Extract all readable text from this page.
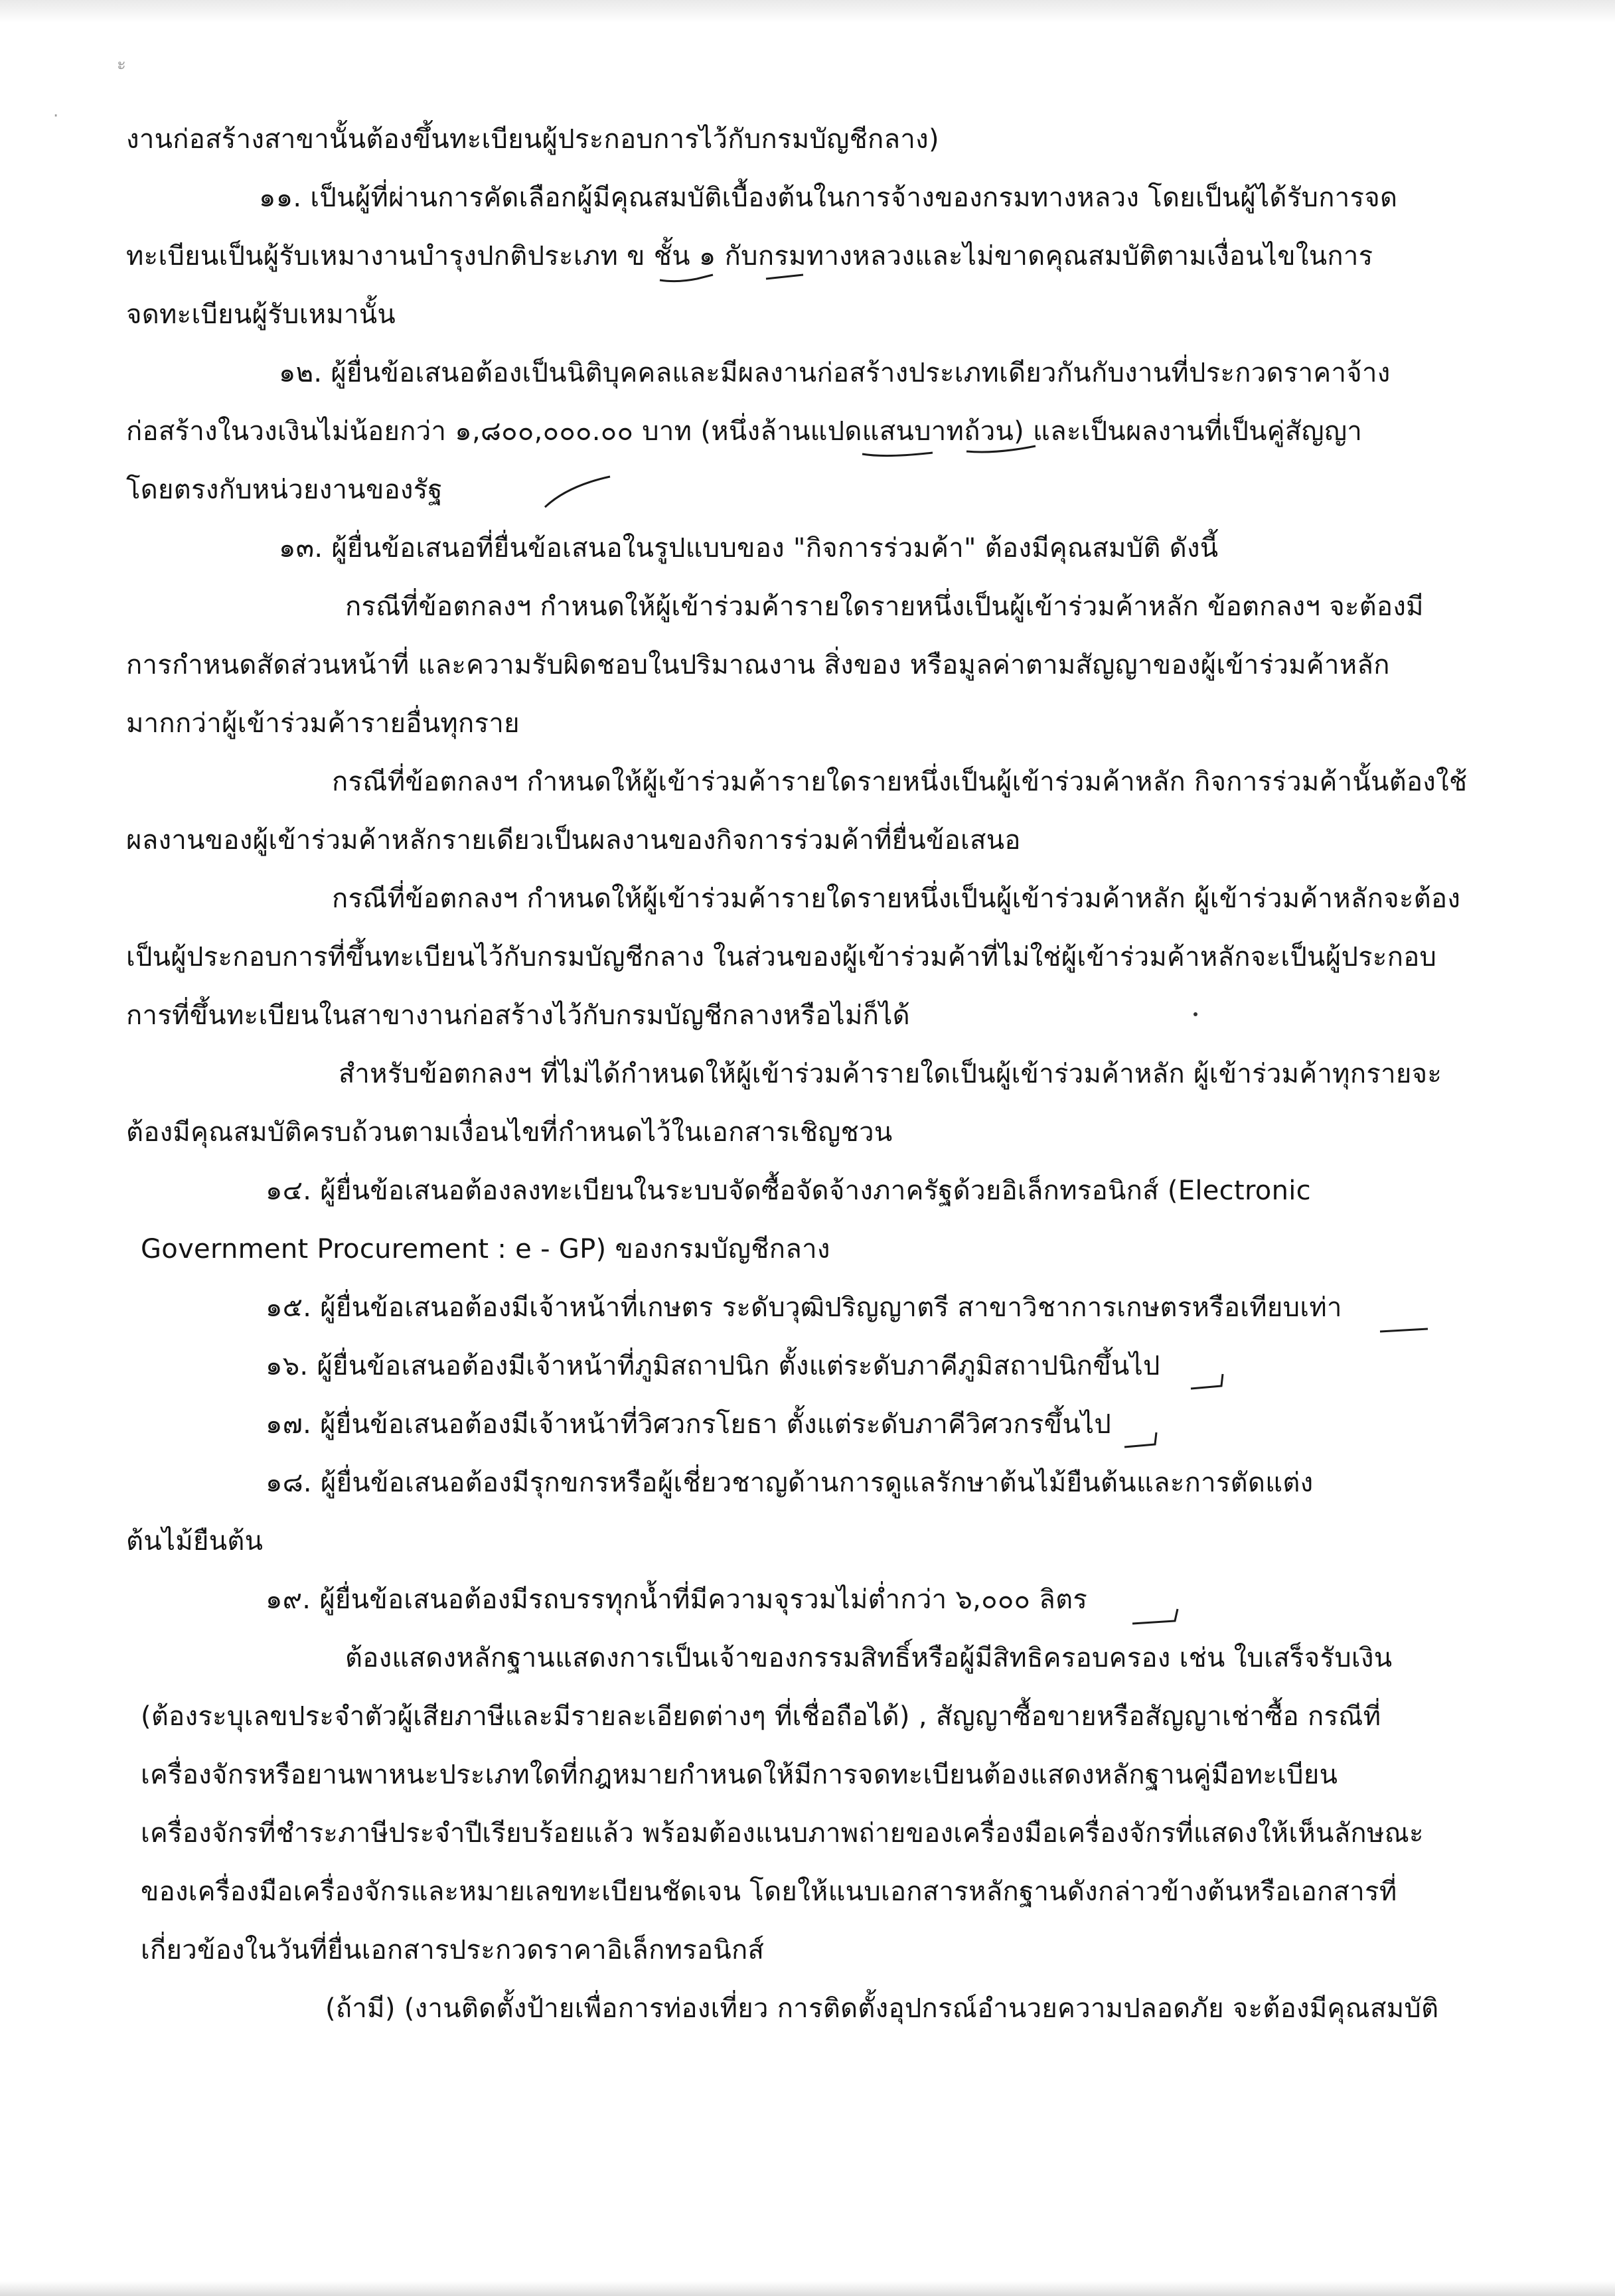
ะ
·
งานก่อสร้างสาขานั้นต้องขึ้นทะเบียนผู้ประกอบการไว้กับกรมบัญชีกลาง)
๑๑. เป็นผู้ที่ผ่านการคัดเลือกผู้มีคุณสมบัติเบื้องต้นในการจ้างของกรมทางหลวง โดยเป็นผู้ได้รับการจด
ทะเบียนเป็นผู้รับเหมางานบำรุงปกติประเภท ข ชั้น ๑ กับกรมทางหลวงและไม่ขาดคุณสมบัติตามเงื่อนไขในการ
จดทะเบียนผู้รับเหมานั้น
๑๒. ผู้ยื่นข้อเสนอต้องเป็นนิติบุคคลและมีผลงานก่อสร้างประเภทเดียวกันกับงานที่ประกวดราคาจ้าง
ก่อสร้างในวงเงินไม่น้อยกว่า ๑,๘๐๐,๐๐๐.๐๐ บาท (หนึ่งล้านแปดแสนบาทถ้วน) และเป็นผลงานที่เป็นคู่สัญญา
โดยตรงกับหน่วยงานของรัฐ
๑๓. ผู้ยื่นข้อเสนอที่ยื่นข้อเสนอในรูปแบบของ "กิจการร่วมค้า" ต้องมีคุณสมบัติ ดังนี้
กรณีที่ข้อตกลงฯ กำหนดให้ผู้เข้าร่วมค้ารายใดรายหนึ่งเป็นผู้เข้าร่วมค้าหลัก ข้อตกลงฯ จะต้องมี
การกำหนดสัดส่วนหน้าที่ และความรับผิดชอบในปริมาณงาน สิ่งของ หรือมูลค่าตามสัญญาของผู้เข้าร่วมค้าหลัก
มากกว่าผู้เข้าร่วมค้ารายอื่นทุกราย
กรณีที่ข้อตกลงฯ กำหนดให้ผู้เข้าร่วมค้ารายใดรายหนึ่งเป็นผู้เข้าร่วมค้าหลัก กิจการร่วมค้านั้นต้องใช้
ผลงานของผู้เข้าร่วมค้าหลักรายเดียวเป็นผลงานของกิจการร่วมค้าที่ยื่นข้อเสนอ
กรณีที่ข้อตกลงฯ กำหนดให้ผู้เข้าร่วมค้ารายใดรายหนึ่งเป็นผู้เข้าร่วมค้าหลัก ผู้เข้าร่วมค้าหลักจะต้อง
เป็นผู้ประกอบการที่ขึ้นทะเบียนไว้กับกรมบัญชีกลาง ในส่วนของผู้เข้าร่วมค้าที่ไม่ใช่ผู้เข้าร่วมค้าหลักจะเป็นผู้ประกอบ
การที่ขึ้นทะเบียนในสาขางานก่อสร้างไว้กับกรมบัญชีกลางหรือไม่ก็ได้
สำหรับข้อตกลงฯ ที่ไม่ได้กำหนดให้ผู้เข้าร่วมค้ารายใดเป็นผู้เข้าร่วมค้าหลัก ผู้เข้าร่วมค้าทุกรายจะ
ต้องมีคุณสมบัติครบถ้วนตามเงื่อนไขที่กำหนดไว้ในเอกสารเชิญชวน
๑๔. ผู้ยื่นข้อเสนอต้องลงทะเบียนในระบบจัดซื้อจัดจ้างภาครัฐด้วยอิเล็กทรอนิกส์ (Electronic
Government Procurement : e - GP) ของกรมบัญชีกลาง
๑๕. ผู้ยื่นข้อเสนอต้องมีเจ้าหน้าที่เกษตร ระดับวุฒิปริญญาตรี สาขาวิชาการเกษตรหรือเทียบเท่า
๑๖. ผู้ยื่นข้อเสนอต้องมีเจ้าหน้าที่ภูมิสถาปนิก ตั้งแต่ระดับภาคีภูมิสถาปนิกขึ้นไป
๑๗. ผู้ยื่นข้อเสนอต้องมีเจ้าหน้าที่วิศวกรโยธา ตั้งแต่ระดับภาคีวิศวกรขึ้นไป
๑๘. ผู้ยื่นข้อเสนอต้องมีรุกขกรหรือผู้เชี่ยวชาญด้านการดูแลรักษาต้นไม้ยืนต้นและการตัดแต่ง
ต้นไม้ยืนต้น
๑๙. ผู้ยื่นข้อเสนอต้องมีรถบรรทุกน้ำที่มีความจุรวมไม่ต่ำกว่า ๖,๐๐๐ ลิตร
ต้องแสดงหลักฐานแสดงการเป็นเจ้าของกรรมสิทธิ์หรือผู้มีสิทธิครอบครอง เช่น ใบเสร็จรับเงิน
(ต้องระบุเลขประจำตัวผู้เสียภาษีและมีรายละเอียดต่างๆ ที่เชื่อถือได้) , สัญญาซื้อขายหรือสัญญาเช่าซื้อ กรณีที่
เครื่องจักรหรือยานพาหนะประเภทใดที่กฎหมายกำหนดให้มีการจดทะเบียนต้องแสดงหลักฐานคู่มือทะเบียน
เครื่องจักรที่ชำระภาษีประจำปีเรียบร้อยแล้ว พร้อมต้องแนบภาพถ่ายของเครื่องมือเครื่องจักรที่แสดงให้เห็นลักษณะ
ของเครื่องมือเครื่องจักรและหมายเลขทะเบียนชัดเจน โดยให้แนบเอกสารหลักฐานดังกล่าวข้างต้นหรือเอกสารที่
เกี่ยวข้องในวันที่ยื่นเอกสารประกวดราคาอิเล็กทรอนิกส์
(ถ้ามี) (งานติดตั้งป้ายเพื่อการท่องเที่ยว การติดตั้งอุปกรณ์อำนวยความปลอดภัย จะต้องมีคุณสมบัติ
